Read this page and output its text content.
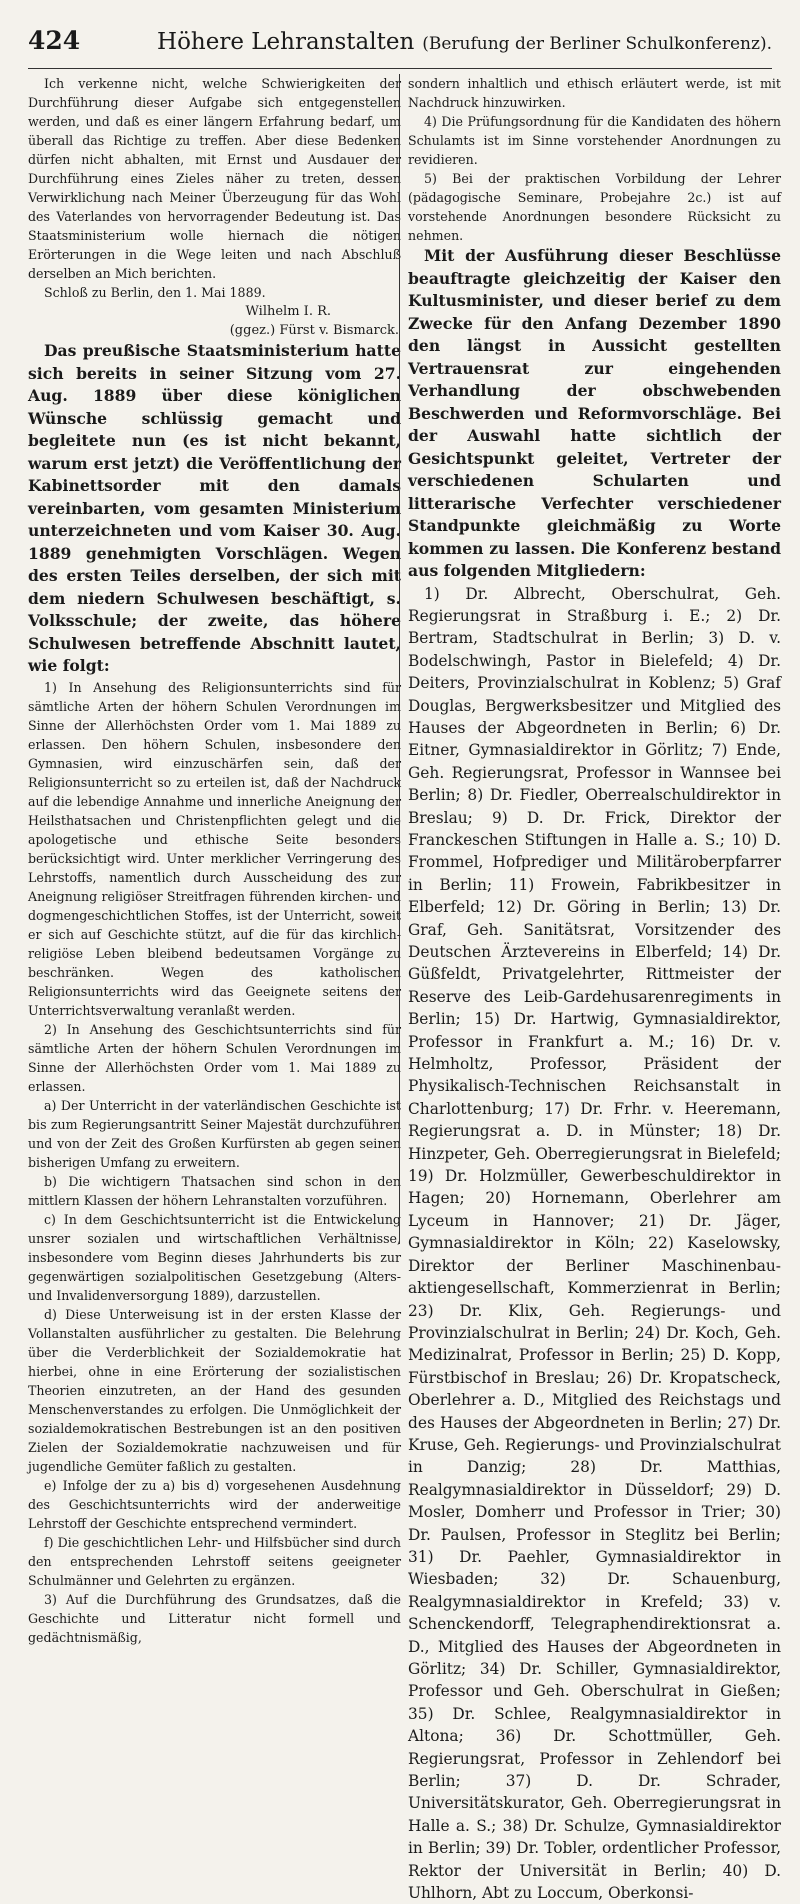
424	Höhere Lehranstalten (Berufung der Berliner Schulkonferenz).

Ich verkenne nicht, welche Schwierigkeiten der Durchführung dieser Aufgabe sich entgegenstellen werden, und daß es einer längern Erfahrung bedarf, um überall das Richtige zu treffen. Aber diese Bedenken dürfen nicht abhalten, mit Ernst und Ausdauer der Durchführung eines Zieles näher zu treten, dessen Verwirklichung nach Meiner Überzeugung für das Wohl des Vaterlandes von hervorragender Bedeutung ist. Das Staatsministerium wolle hiernach die nötigen Erörterungen in die Wege leiten und nach Abschluß derselben an Mich berichten.

Schloß zu Berlin, den 1. Mai 1889.

Wilhelm I. R.

(ggez.) Fürst v. Bismarck.

Das preußische Staatsministerium hatte sich bereits in seiner Sitzung vom 27. Aug. 1889 über diese königlichen Wünsche schlüssig gemacht und begleitete nun (es ist nicht bekannt, warum erst jetzt) die Veröffentlichung der Kabinettsorder mit den damals vereinbarten, vom gesamten Ministerium unterzeichneten und vom Kaiser 30. Aug. 1889 genehmigten Vorschlägen. Wegen des ersten Teiles derselben, der sich mit dem niedern Schulwesen beschäftigt, s. Volksschule; der zweite, das höhere Schulwesen betreffende Abschnitt lautet, wie folgt:

1) In Ansehung des Religionsunterrichts sind für sämtliche Arten der höhern Schulen Verordnungen im Sinne der Allerhöchsten Order vom 1. Mai 1889 zu erlassen. Den höhern Schulen, insbesondere den Gymnasien, wird einzuschärfen sein, daß der Religionsunterricht so zu erteilen ist, daß der Nachdruck auf die lebendige Annahme und innerliche Aneignung der Heilsthatsachen und Christenpflichten gelegt und die apologetische und ethische Seite besonders berücksichtigt wird. Unter merklicher Verringerung des Lehrstoffs, namentlich durch Ausscheidung des zur Aneignung religiöser Streitfragen führenden kirchen- und dogmengeschichtlichen Stoffes, ist der Unterricht, soweit er sich auf Geschichte stützt, auf die für das kirchlich-religiöse Leben bleibend bedeutsamen Vorgänge zu beschränken. Wegen des katholischen Religionsunterrichts wird das Geeignete seitens der Unterrichtsverwaltung veranlaßt werden.

2) In Ansehung des Geschichtsunterrichts sind für sämtliche Arten der höhern Schulen Verordnungen im Sinne der Allerhöchsten Order vom 1. Mai 1889 zu erlassen.

a) Der Unterricht in der vaterländischen Geschichte ist bis zum Regierungsantritt Seiner Majestät durchzuführen und von der Zeit des Großen Kurfürsten ab gegen seinen bisherigen Umfang zu erweitern.

b) Die wichtigern Thatsachen sind schon in den mittlern Klassen der höhern Lehranstalten vorzuführen.

c) In dem Geschichtsunterricht ist die Entwickelung unsrer sozialen und wirtschaftlichen Verhältnisse, insbesondere vom Beginn dieses Jahrhunderts bis zur gegenwärtigen sozialpolitischen Gesetzgebung (Alters- und Invalidenversorgung 1889), darzustellen.

d) Diese Unterweisung ist in der ersten Klasse der Vollanstalten ausführlicher zu gestalten. Die Belehrung über die Verderblichkeit der Sozialdemokratie hat hierbei, ohne in eine Erörterung der sozialistischen Theorien einzutreten, an der Hand des gesunden Menschenverstandes zu erfolgen. Die Unmöglichkeit der sozialdemokratischen Bestrebungen ist an den positiven Zielen der Sozialdemokratie nachzuweisen und für jugendliche Gemüter faßlich zu gestalten.

e) Infolge der zu a) bis d) vorgesehenen Ausdehnung des Geschichtsunterrichts wird der anderweitige Lehrstoff der Geschichte entsprechend vermindert.

f) Die geschichtlichen Lehr- und Hilfsbücher sind durch den entsprechenden Lehrstoff seitens geeigneter Schulmänner und Gelehrten zu ergänzen.

3) Auf die Durchführung des Grundsatzes, daß die Geschichte und Litteratur nicht formell und gedächtnismäßig,

sondern inhaltlich und ethisch erläutert werde, ist mit Nachdruck hinzuwirken.

4) Die Prüfungsordnung für die Kandidaten des höhern Schulamts ist im Sinne vorstehender Anordnungen zu revidieren.

5) Bei der praktischen Vorbildung der Lehrer (pädagogische Seminare, Probejahre 2c.) ist auf vorstehende Anordnungen besondere Rücksicht zu nehmen.

Mit der Ausführung dieser Beschlüsse beauftragte gleichzeitig der Kaiser den Kultusminister, und dieser berief zu dem Zwecke für den Anfang Dezember 1890 den längst in Aussicht gestellten Vertrauensrat zur eingehenden Verhandlung der obschwebenden Beschwerden und Reformvorschläge. Bei der Auswahl hatte sichtlich der Gesichtspunkt geleitet, Vertreter der verschiedenen Schularten und litterarische Verfechter verschiedener Standpunkte gleichmäßig zu Worte kommen zu lassen. Die Konferenz bestand aus folgenden Mitgliedern:

1) Dr. Albrecht, Oberschulrat, Geh. Regierungsrat in Straßburg i. E.; 2) Dr. Bertram, Stadtschulrat in Berlin; 3) D. v. Bodelschwingh, Pastor in Bielefeld; 4) Dr. Deiters, Provinzialschulrat in Koblenz; 5) Graf Douglas, Bergwerksbesitzer und Mitglied des Hauses der Abgeordneten in Berlin; 6) Dr. Eitner, Gymnasialdirektor in Görlitz; 7) Ende, Geh. Regierungsrat, Professor in Wannsee bei Berlin; 8) Dr. Fiedler, Oberrealschuldirektor in Breslau; 9) D. Dr. Frick, Direktor der Franckeschen Stiftungen in Halle a. S.; 10) D. Frommel, Hofprediger und Militäroberpfarrer in Berlin; 11) Frowein, Fabrikbesitzer in Elberfeld; 12) Dr. Göring in Berlin; 13) Dr. Graf, Geh. Sanitätsrat, Vorsitzender des Deutschen Ärztevereins in Elberfeld; 14) Dr. Güßfeldt, Privatgelehrter, Rittmeister der Reserve des Leib-Gardehusarenregiments in Berlin; 15) Dr. Hartwig, Gymnasialdirektor, Professor in Frankfurt a. M.; 16) Dr. v. Helmholtz, Professor, Präsident der Physikalisch-Technischen Reichsanstalt in Charlottenburg; 17) Dr. Frhr. v. Heeremann, Regierungsrat a. D. in Münster; 18) Dr. Hinzpeter, Geh. Oberregierungsrat in Bielefeld; 19) Dr. Holzmüller, Gewerbeschuldirektor in Hagen; 20) Hornemann, Oberlehrer am Lyceum in Hannover; 21) Dr. Jäger, Gymnasialdirektor in Köln; 22) Kaselowsky, Direktor der Berliner Maschinenbau-aktiengesellschaft, Kommerzienrat in Berlin; 23) Dr. Klix, Geh. Regierungs- und Provinzialschulrat in Berlin; 24) Dr. Koch, Geh. Medizinalrat, Professor in Berlin; 25) D. Kopp, Fürstbischof in Breslau; 26) Dr. Kropatscheck, Oberlehrer a. D., Mitglied des Reichstags und des Hauses der Abgeordneten in Berlin; 27) Dr. Kruse, Geh. Regierungs- und Provinzialschulrat in Danzig; 28) Dr. Matthias, Realgymnasialdirektor in Düsseldorf; 29) D. Mosler, Domherr und Professor in Trier; 30) Dr. Paulsen, Professor in Steglitz bei Berlin; 31) Dr. Paehler, Gymnasialdirektor in Wiesbaden; 32) Dr. Schauenburg, Realgymnasialdirektor in Krefeld; 33) v. Schenckendorff, Telegraphendirektionsrat a. D., Mitglied des Hauses der Abgeordneten in Görlitz; 34) Dr. Schiller, Gymnasialdirektor, Professor und Geh. Oberschulrat in Gießen; 35) Dr. Schlee, Realgymnasialdirektor in Altona; 36) Dr. Schottmüller, Geh. Regierungsrat, Professor in Zehlendorf bei Berlin; 37) D. Dr. Schrader, Universitätskurator, Geh. Oberregierungsrat in Halle a. S.; 38) Dr. Schulze, Gymnasialdirektor in Berlin; 39) Dr. Tobler, ordentlicher Professor, Rektor der Universität in Berlin; 40) D. Uhlhorn, Abt zu Loccum, Oberkonsi-
